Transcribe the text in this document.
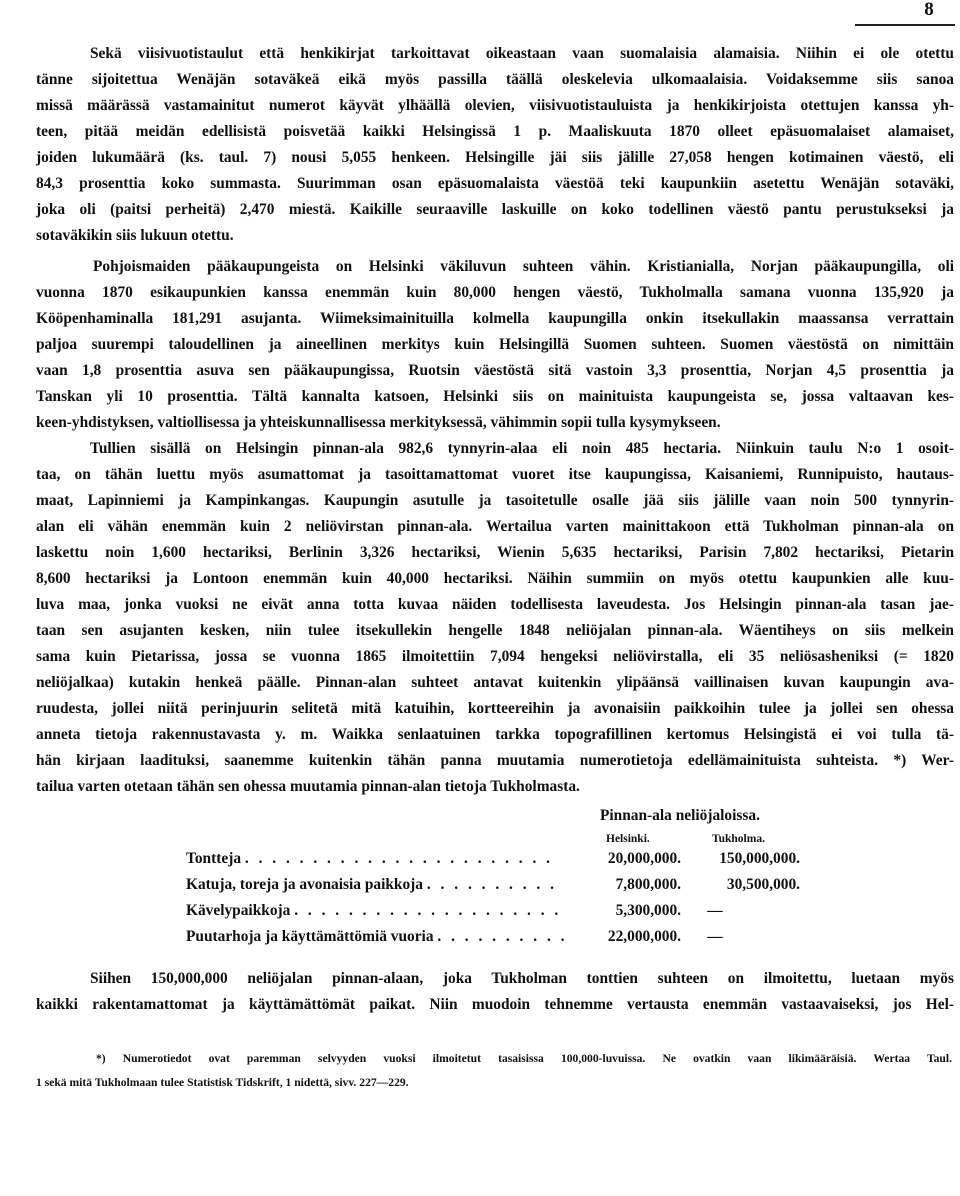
8
Sekä viisivuotistaulut että henkikirjat tarkoittavat oikeastaan vaan suomalaisia alamaisia. Niihin ei ole otettu
tänne sijoitettua Wenäjän sotaväkeä eikä myös passilla täällä oleskelevia ulkomaalaisia. Voidaksemme siis sanoa
missä määrässä vastamainitut numerot käyvät ylhäällä olevien, viisivuotistauluista ja henkikirjoista otettujen kanssa yh-
teen, pitää meidän edellisistä poisvetää kaikki Helsingissä 1 p. Maaliskuuta 1870 olleet epäsuomalaiset alamaiset,
joiden lukumäärä (ks. taul. 7) nousi 5,055 henkeen. Helsingille jäi siis jälille 27,058 hengen kotimainen väestö, eli
84,3 prosenttia koko summasta. Suurimman osan epäsuomalaista väestöä teki kaupunkiin asetettu Wenäjän sotaväki,
joka oli (paitsi perheitä) 2,470 miestä. Kaikille seuraaville laskuille on koko todellinen väestö pantu perustukseksi ja
sotaväkikin siis lukuun otettu.
Pohjoismaiden pääkaupungeista on Helsinki väkiluvun suhteen vähin. Kristianialla, Norjan pääkaupungilla, oli
vuonna 1870 esikaupunkien kanssa enemmän kuin 80,000 hengen väestö, Tukholmalla samana vuonna 135,920 ja
Kööpenhaminalla 181,291 asujanta. Wiimeksimainituilla kolmella kaupungilla onkin itsekullakin maassansa verrattain
paljoa suurempi taloudellinen ja aineellinen merkitys kuin Helsingillä Suomen suhteen. Suomen väestöstä on nimittäin
vaan 1,8 prosenttia asuva sen pääkaupungissa, Ruotsin väestöstä sitä vastoin 3,3 prosenttia, Norjan 4,5 prosenttia ja
Tanskan yli 10 prosenttia. Tältä kannalta katsoen, Helsinki siis on mainituista kaupungeista se, jossa valtaavan kes-
keen-yhdistyksen, valtiollisessa ja yhteiskunnallisessa merkityksessä, vähimmin sopii tulla kysymykseen.
Tullien sisällä on Helsingin pinnan-ala 982,6 tynnyrin-alaa eli noin 485 hectaria. Niinkuin taulu N:o 1 osoit-
taa, on tähän luettu myös asumattomat ja tasoittamattomat vuoret itse kaupungissa, Kaisaniemi, Runnipuisto, hautaus-
maat, Lapinniemi ja Kampinkangas. Kaupungin asutulle ja tasoitetulle osalle jää siis jälille vaan noin 500 tynnyrin-
alan eli vähän enemmän kuin 2 neliövirstan pinnan-ala. Wertailua varten mainittakoon että Tukholman pinnan-ala on
laskettu noin 1,600 hectariksi, Berlinin 3,326 hectariksi, Wienin 5,635 hectariksi, Parisin 7,802 hectariksi, Pietarin
8,600 hectariksi ja Lontoon enemmän kuin 40,000 hectariksi. Näihin summiin on myös otettu kaupunkien alle kuu-
luva maa, jonka vuoksi ne eivät anna totta kuvaa näiden todellisesta laveudesta. Jos Helsingin pinnan-ala tasan jae-
taan sen asujanten kesken, niin tulee itsekullekin hengelle 1848 neliöjalan pinnan-ala. Wäentiheys on siis melkein
sama kuin Pietarissa, jossa se vuonna 1865 ilmoitettiin 7,094 hengeksi neliövirstalla, eli 35 neliösasheniksi (= 1820
neliöjalkaa) kutakin henkeä päälle. Pinnan-alan suhteet antavat kuitenkin ylipäänsä vaillinaisen kuvan kaupungin ava-
ruudesta, jollei niitä perinjuurin selitetä mitä katuihin, kortteereihin ja avonaisiin paikkoihin tulee ja jollei sen ohessa
anneta tietoja rakennustavasta y. m. Waikka senlaatuinen tarkka topografillinen kertomus Helsingistä ei voi tulla tä-
hän kirjaan laadituksi, saanemme kuitenkin tähän panna muutamia numerotietoja edellämainituista suhteista. *) Wer-
tailua varten otetaan tähän sen ohessa muutamia pinnan-alan tietoja Tukholmasta.
Pinnan-ala neliöjaloissa.
Helsinki.	Tukholma.
Tontteja . . . . . . . . . . . . . . . . . . . . . . .	20,000,000.	150,000,000.
Katuja, toreja ja avonaisia paikkoja . . . . . . . . . .	7,800,000.	30,500,000.
Kävelypaikkoja . . . . . . . . . . . . . . . . . . . .	5,300,000.	—
Puutarhoja ja käyttämättömiä vuoria . . . . . . . . . .	22,000,000.	—
Siihen 150,000,000 neliöjalan pinnan-alaan, joka Tukholman tonttien suhteen on ilmoitettu, luetaan myös
kaikki rakentamattomat ja käyttämättömät paikat. Niin muodoin tehnemme vertausta enemmän vastaavaiseksi, jos Hel-
*) Numerotiedot ovat paremman selvyyden vuoksi ilmoitetut tasaisissa 100,000-luvuissa. Ne ovatkin vaan likimääräisiä. Wertaa Taul.
1 sekä mitä Tukholmaan tulee Statistisk Tidskrift, 1 nidettä, sivv. 227—229.
